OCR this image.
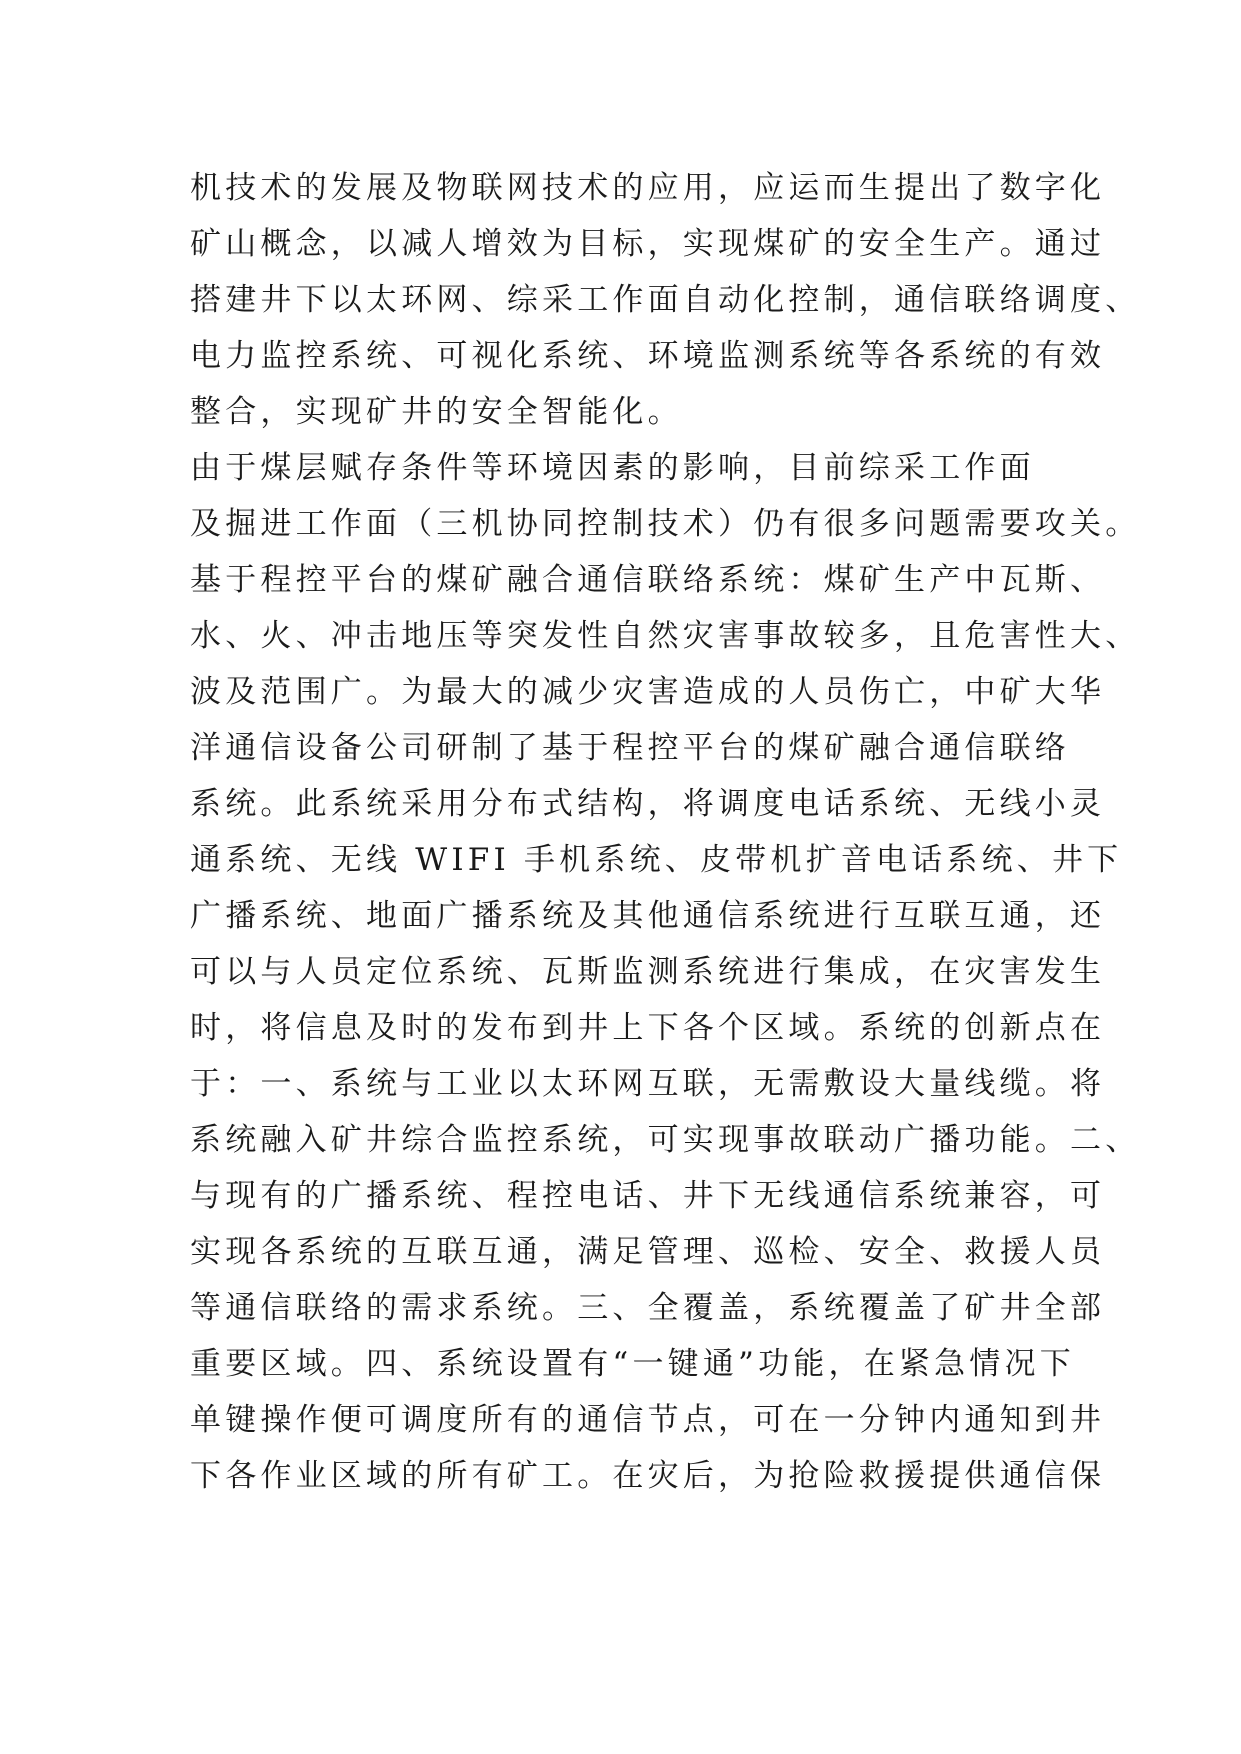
机技术的发展及物联网技术的应用，应运而生提出了数字化
矿山概念，以减人增效为目标，实现煤矿的安全生产。通过
搭建井下以太环网、综采工作面自动化控制，通信联络调度、
电力监控系统、可视化系统、环境监测系统等各系统的有效
整合，实现矿井的安全智能化。
由于煤层赋存条件等环境因素的影响，目前综采工作面
及掘进工作面（三机协同控制技术）仍有很多问题需要攻关。
基于程控平台的煤矿融合通信联络系统：煤矿生产中瓦斯、
水、火、冲击地压等突发性自然灾害事故较多，且危害性大、
波及范围广。为最大的减少灾害造成的人员伤亡，中矿大华
洋通信设备公司研制了基于程控平台的煤矿融合通信联络
系统。此系统采用分布式结构，将调度电话系统、无线小灵
通系统、无线 WIFI 手机系统、皮带机扩音电话系统、井下
广播系统、地面广播系统及其他通信系统进行互联互通，还
可以与人员定位系统、瓦斯监测系统进行集成，在灾害发生
时，将信息及时的发布到井上下各个区域。系统的创新点在
于：一、系统与工业以太环网互联，无需敷设大量线缆。将
系统融入矿井综合监控系统，可实现事故联动广播功能。二、
与现有的广播系统、程控电话、井下无线通信系统兼容，可
实现各系统的互联互通，满足管理、巡检、安全、救援人员
等通信联络的需求系统。三、全覆盖，系统覆盖了矿井全部
重要区域。四、系统设置有“一键通”功能，在紧急情况下
单键操作便可调度所有的通信节点，可在一分钟内通知到井
下各作业区域的所有矿工。在灾后，为抢险救援提供通信保
